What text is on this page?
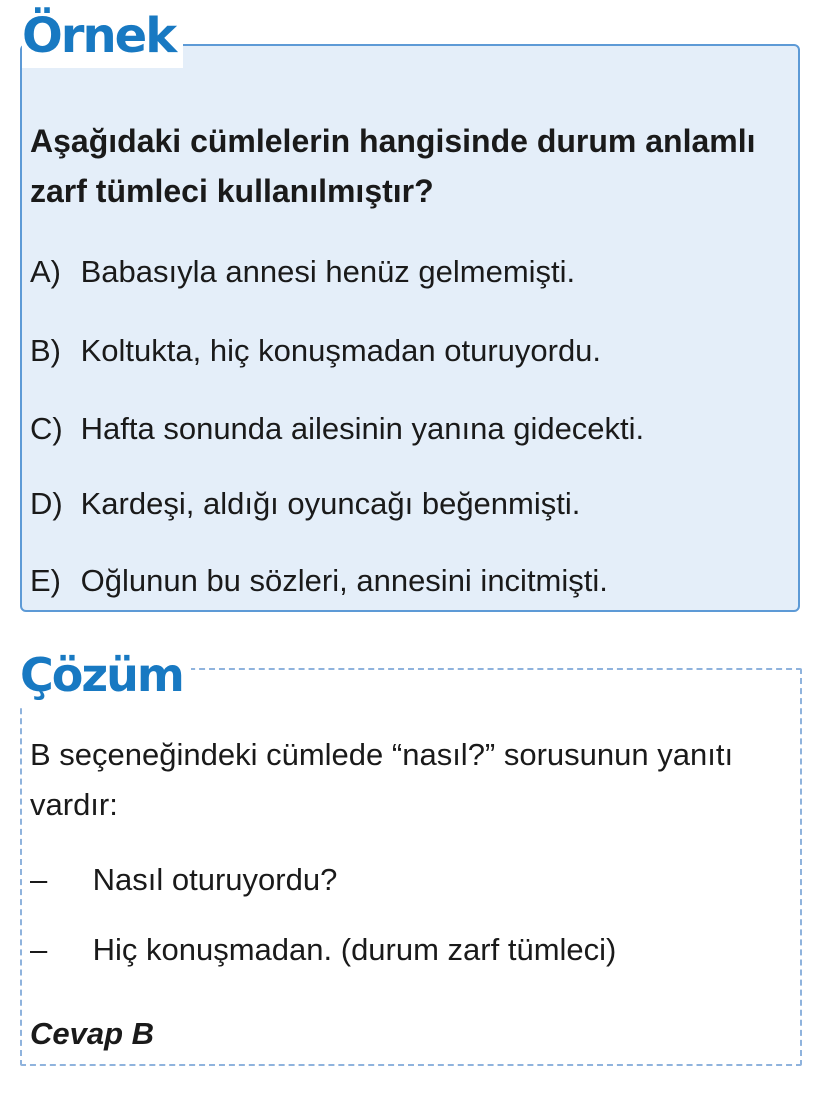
Örnek
Aşağıdaki cümlelerin hangisinde durum anlamlı zarf tümleci kullanılmıştır?
A) Babasıyla annesi henüz gelmemişti.
B) Koltukta, hiç konuşmadan oturuyordu.
C) Hafta sonunda ailesinin yanına gidecekti.
D) Kardeşi, aldığı oyuncağı beğenmişti.
E) Oğlunun bu sözleri, annesini incitmişti.
Çözüm
B seçeneğindeki cümlede “nasıl?” sorusunun yanıtı vardır:
– Nasıl oturuyordu?
– Hiç konuşmadan. (durum zarf tümleci)
Cevap B
